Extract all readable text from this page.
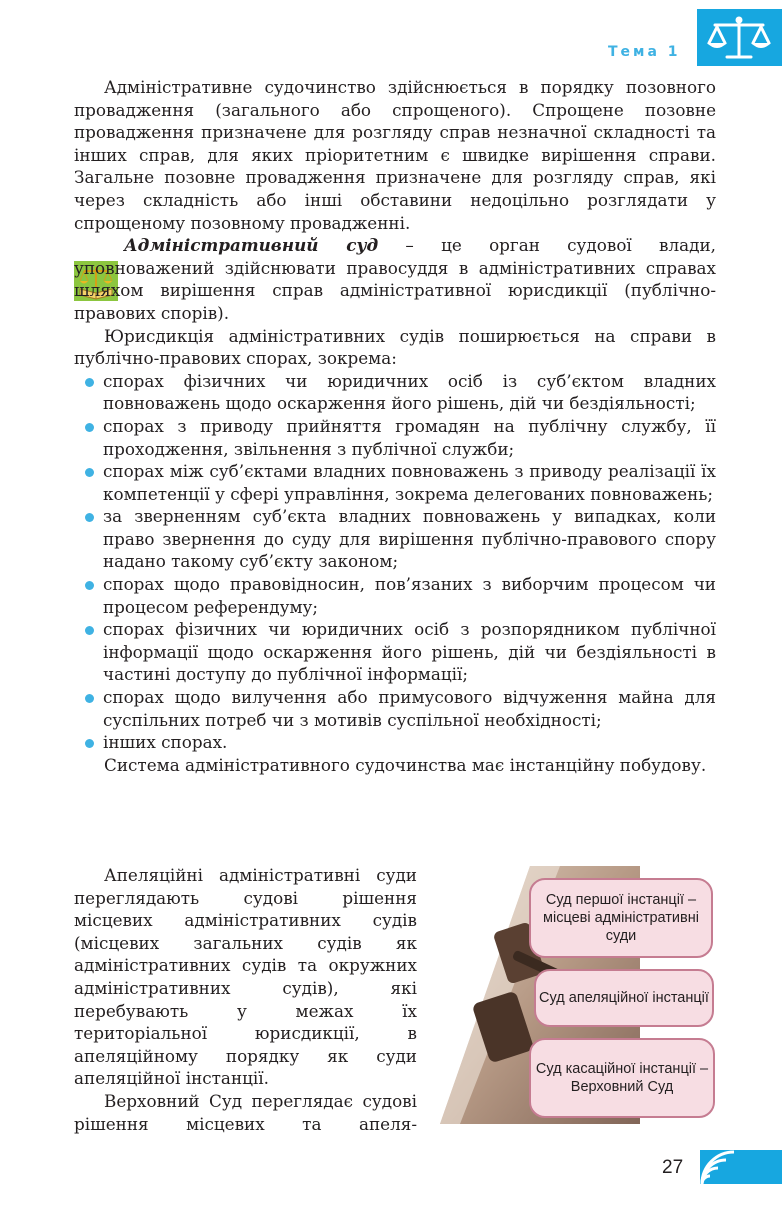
Тема 1

Адміністративне судочинство здійснюється в порядку позовного провадження (загального або спрощеного). Спрощене позовне провадження призначене для розгляду справ незначної складності та інших справ, для яких пріоритетним є швидке вирішення справи. Загальне позовне провадження призначене для розгляду справ, які через складність або інші обставини недоцільно розглядати у спрощеному позовному провадженні.

Адміністративний суд – це орган судової влади, уповноважений здійснювати правосуддя в адміністративних справах шляхом вирішення справ адміністративної юрисдикції (публічно-правових спорів).

Юрисдикція адміністративних судів поширюється на справи в публічно-правових спорах, зокрема:

спорах фізичних чи юридичних осіб із суб’єктом владних повноважень щодо оскарження його рішень, дій чи бездіяльності;
спорах з приводу прийняття громадян на публічну службу, її проходження, звільнення з публічної служби;
спорах між суб’єктами владних повноважень з приводу реалізації їх компетенції у сфері управління, зокрема делегованих повноважень;
за зверненням суб’єкта владних повноважень у випадках, коли право звернення до суду для вирішення публічно-правового спору надано такому суб’єкту законом;
спорах щодо правовідносин, пов’язаних з виборчим процесом чи процесом референдуму;
спорах фізичних чи юридичних осіб з розпорядником публічної інформації щодо оскарження його рішень, дій чи бездіяльності в частині доступу до публічної інформації;
спорах щодо вилучення або примусового відчуження майна для суспільних потреб чи з мотивів суспільної необхідності;
інших спорах.

Система адміністративного судочинства має інстанційну побудову.

Апеляційні адміністративні суди переглядають судові рішення місцевих адміністративних судів (місцевих загальних судів як адміністративних судів та окружних адміністративних судів), які перебувають у межах їх територіальної юрисдикції, в апеляційному порядку як суди апеляційної інстанції.

Верховний Суд переглядає судові рішення місцевих та апеля-

Суд першої інстанції – місцеві адміністративні суди
Суд апеляційної інстанції
Суд касаційної інстанції – Верховний Суд
27
